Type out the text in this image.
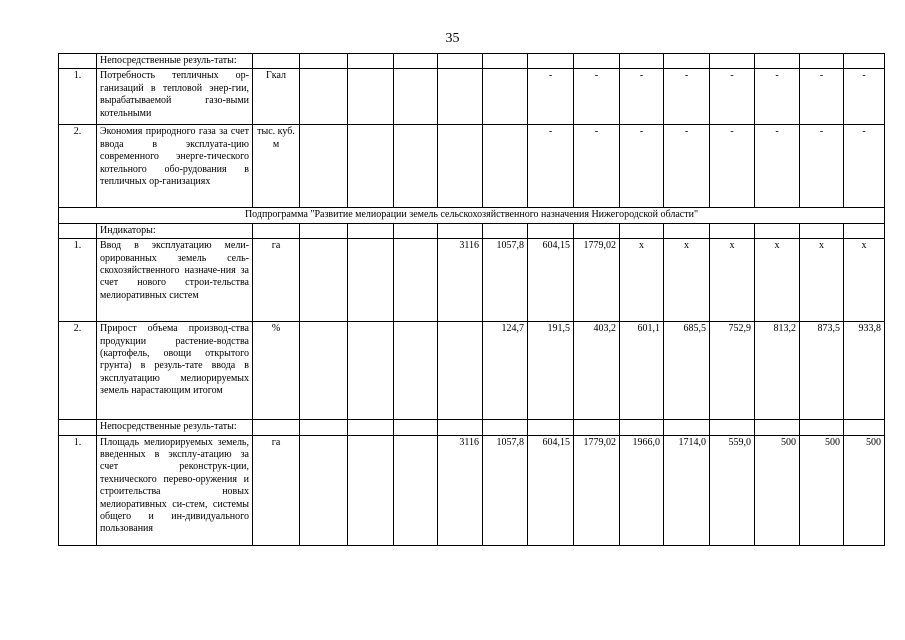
35
	Непосредственные резуль-таты:														
1.	Потребность тепличных ор-ганизаций в тепловой энер-гии, вырабатываемой газо-выми котельными	Гкал						-	-	-	-	-	-	-	-
2.	Экономия природного газа за счет ввода в эксплуата-цию современного энерге-тического котельного обо-рудования в тепличных ор-ганизациях	тыс. куб. м						-	-	-	-	-	-	-	-
Подпрограмма "Развитие мелиорации земель сельскохозяйственного назначения Нижегородской области"															
	Индикаторы:														
1.	Ввод в эксплуатацию мели-орированных земель сель-скохозяйственного назначе-ния за счет нового строи-тельства мелиоративных систем	га				3116	1057,8	604,15	1779,02	х	х	х	х	х	х
2.	Прирост объема производ-ства продукции растение-водства (картофель, овощи открытого грунта) в резуль-тате ввода в эксплуатацию мелиорируемых земель нарастающим итогом	%					124,7	191,5	403,2	601,1	685,5	752,9	813,2	873,5	933,8
	Непосредственные резуль-таты:														
1.	Площадь мелиорируемых земель, введенных в эксплу-атацию за счет реконструк-ции, технического перево-оружения и строительства новых мелиоративных си-стем, системы общего и ин-дивидуального пользования	га				3116	1057,8	604,15	1779,02	1966,0	1714,0	559,0	500	500	500
